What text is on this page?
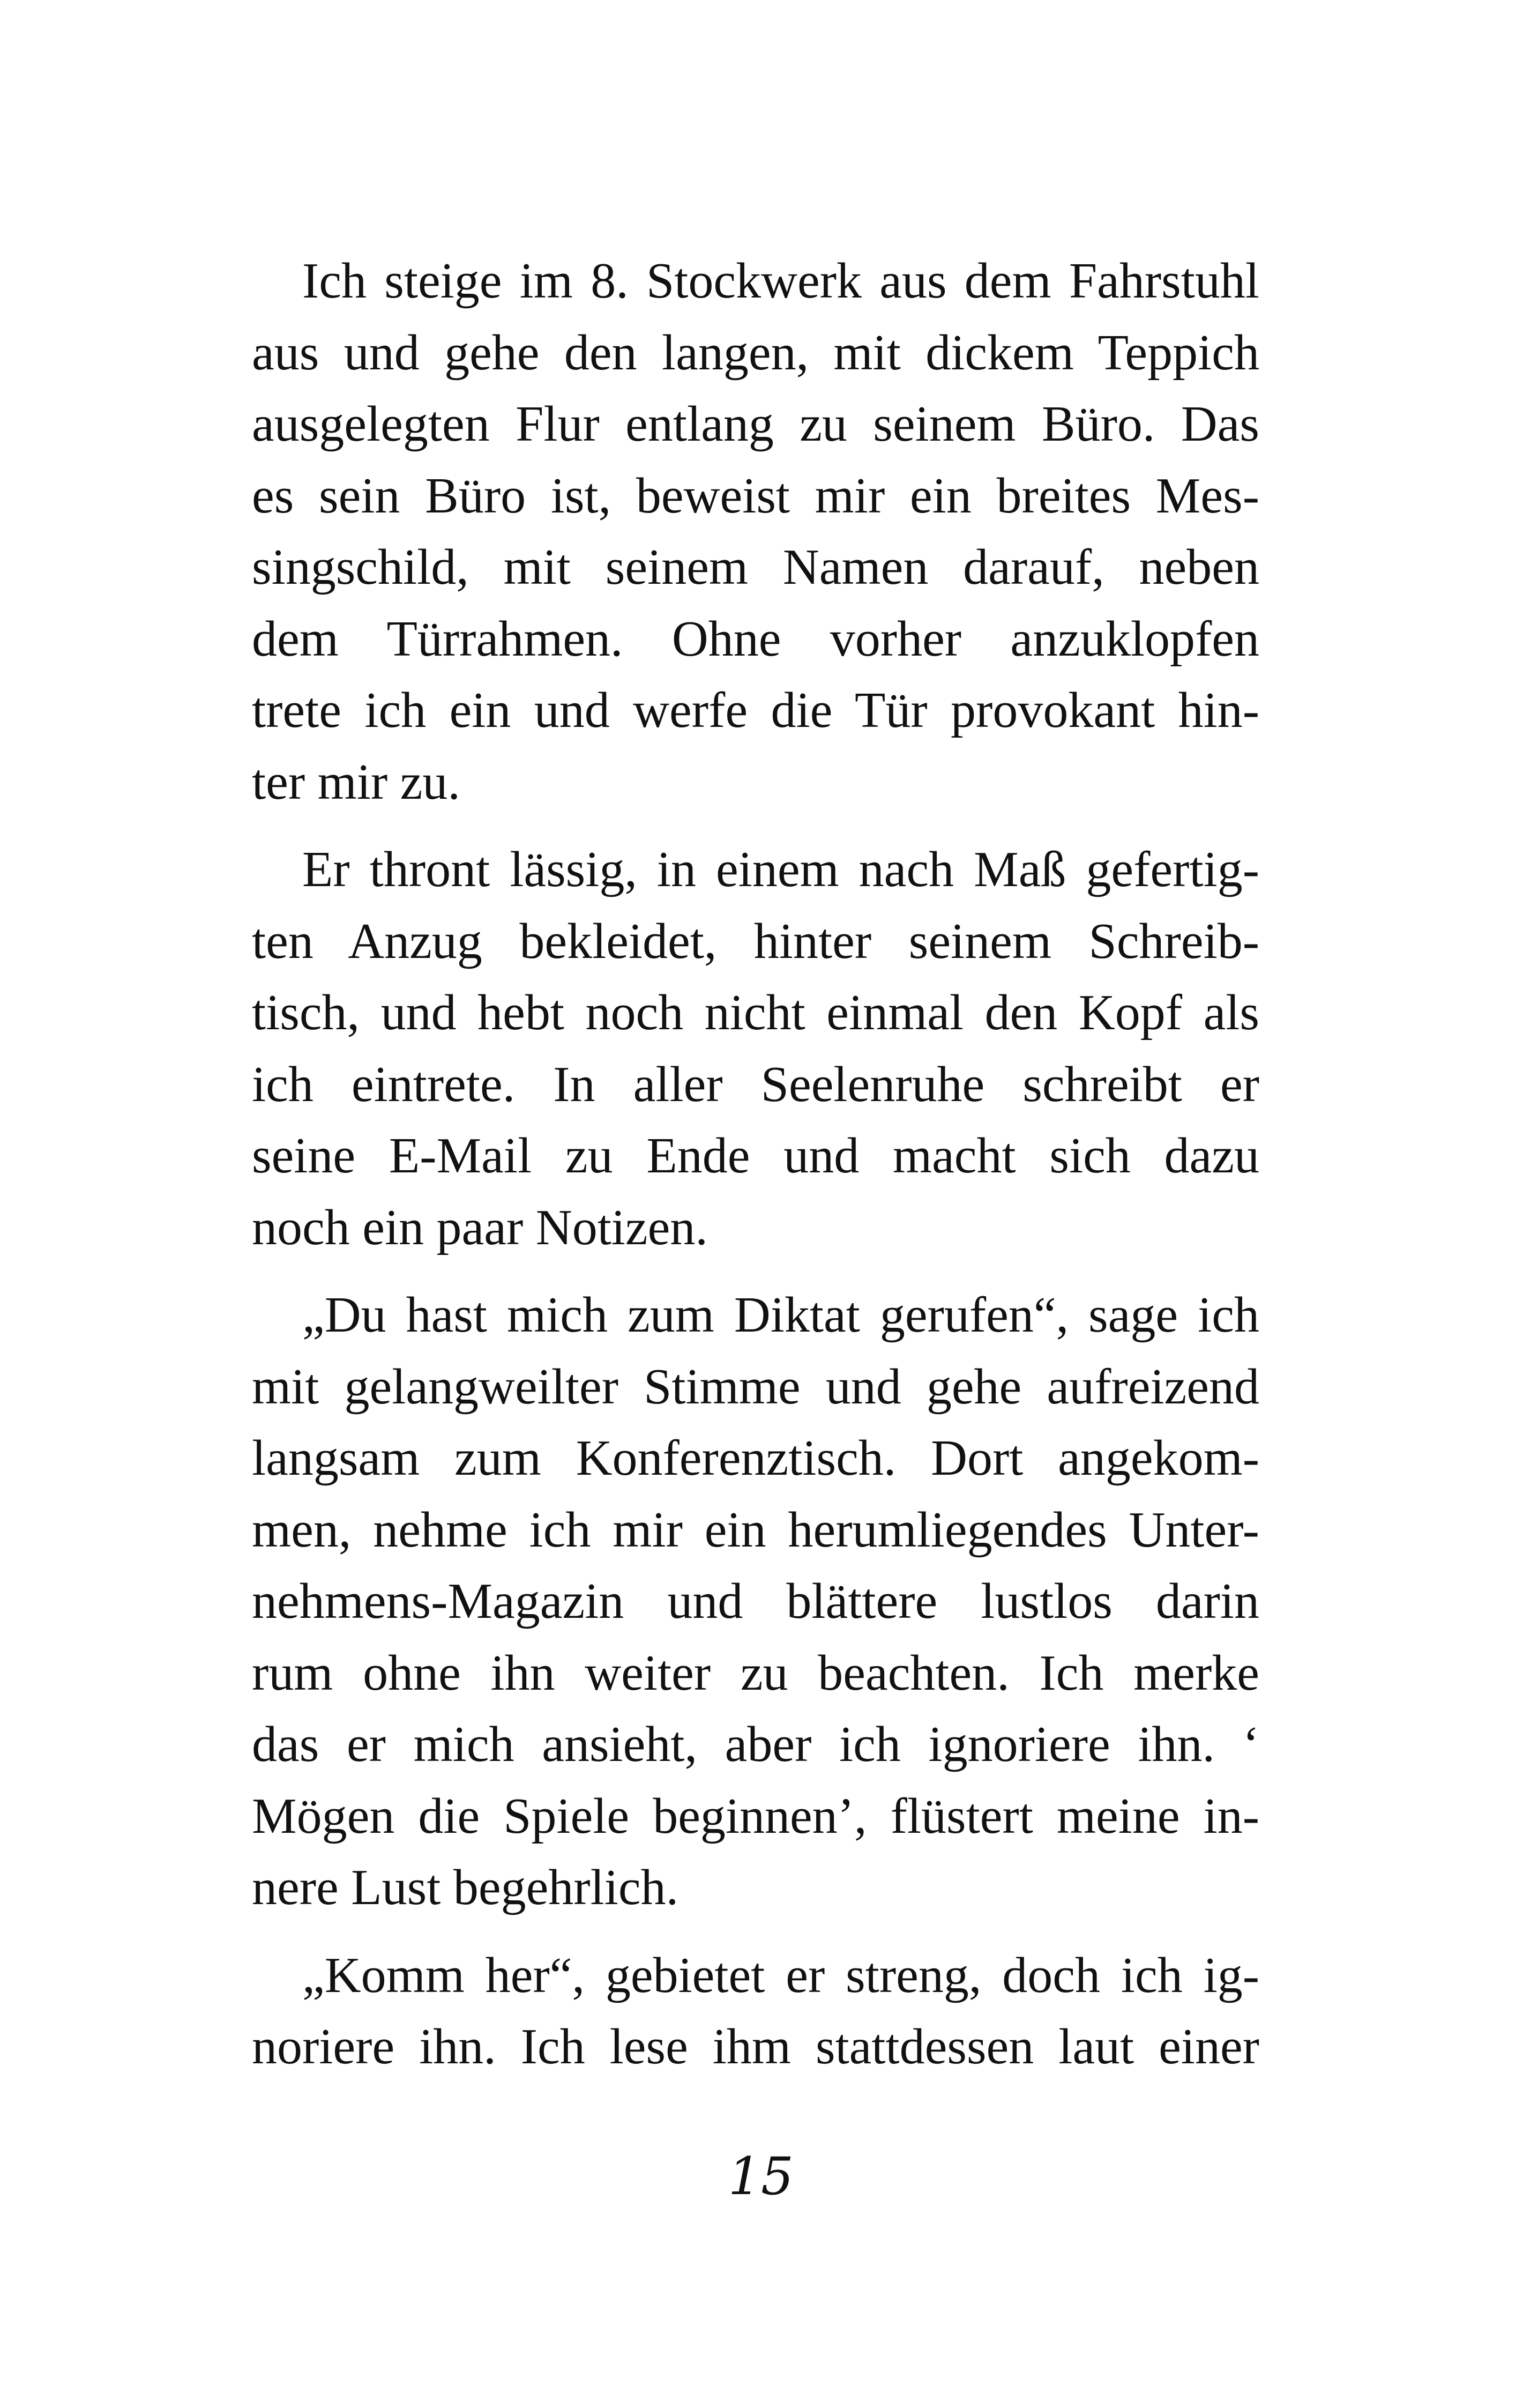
Ich steige im 8. Stockwerk aus dem Fahrstuhl
aus und gehe den langen, mit dickem Teppich
ausgelegten Flur entlang zu seinem Büro. Das
es sein Büro ist, beweist mir ein breites Mes-
singschild, mit seinem Namen darauf, neben
dem Türrahmen. Ohne vorher anzuklopfen
trete ich ein und werfe die Tür provokant hin-
ter mir zu.
Er thront lässig, in einem nach Maß gefertig-
ten Anzug bekleidet, hinter seinem Schreib-
tisch, und hebt noch nicht einmal den Kopf als
ich eintrete. In aller Seelenruhe schreibt er
seine E-Mail zu Ende und macht sich dazu
noch ein paar Notizen.
„Du hast mich zum Diktat gerufen“, sage ich
mit gelangweilter Stimme und gehe aufreizend
langsam zum Konferenztisch. Dort angekom-
men, nehme ich mir ein herumliegendes Unter-
nehmens-Magazin und blättere lustlos darin
rum ohne ihn weiter zu beachten. Ich merke
das er mich ansieht, aber ich ignoriere ihn. ‘
Mögen die Spiele beginnen’, flüstert meine in-
nere Lust begehrlich.
„Komm her“, gebietet er streng, doch ich ig-
noriere ihn. Ich lese ihm stattdessen laut einer
15
